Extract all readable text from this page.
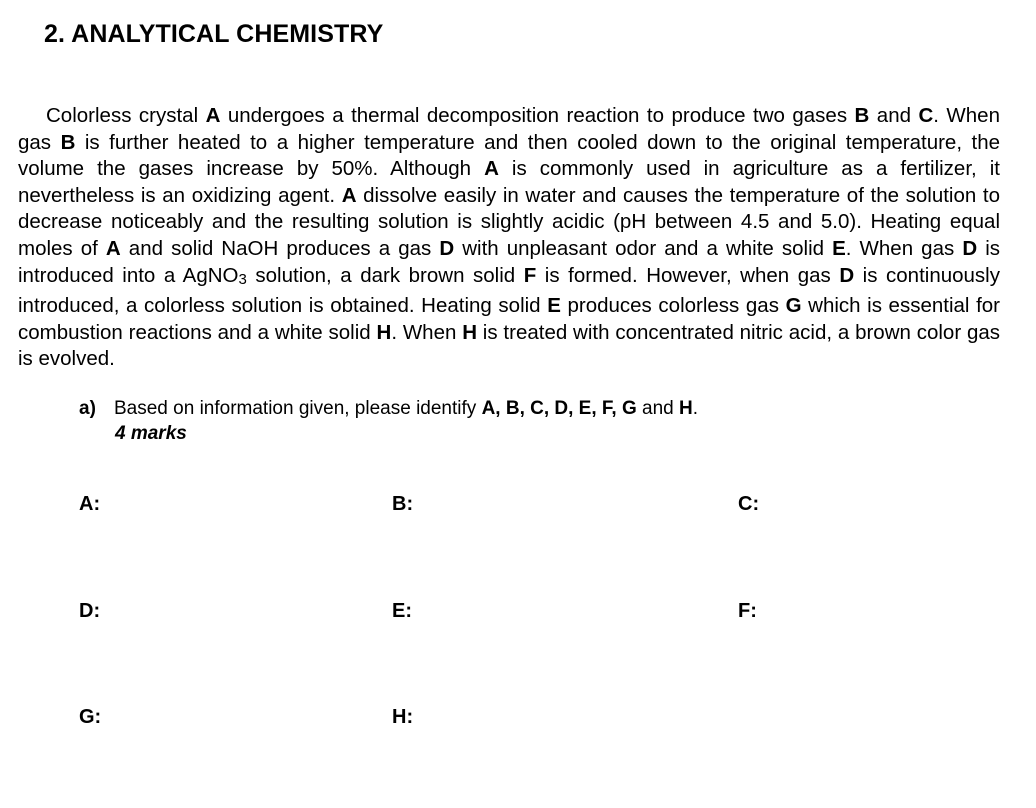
2. ANALYTICAL CHEMISTRY
Colorless crystal A undergoes a thermal decomposition reaction to produce two gases B and C. When gas B is further heated to a higher temperature and then cooled down to the original temperature, the volume the gases increase by 50%. Although A is commonly used in agriculture as a fertilizer, it nevertheless is an oxidizing agent. A dissolve easily in water and causes the temperature of the solution to decrease noticeably and the resulting solution is slightly acidic (pH between 4.5 and 5.0). Heating equal moles of A and solid NaOH produces a gas D with unpleasant odor and a white solid E. When gas D is introduced into a AgNO$_3$ solution, a dark brown solid F is formed. However, when gas D is continuously introduced, a colorless solution is obtained. Heating solid E produces colorless gas G which is essential for combustion reactions and a white solid H. When H is treated with concentrated nitric acid, a brown color gas is evolved.
a) Based on information given, please identify A, B, C, D, E, F, G and H.
4 marks
A:	B:	C:
D:	E:	F:
G:	H:
